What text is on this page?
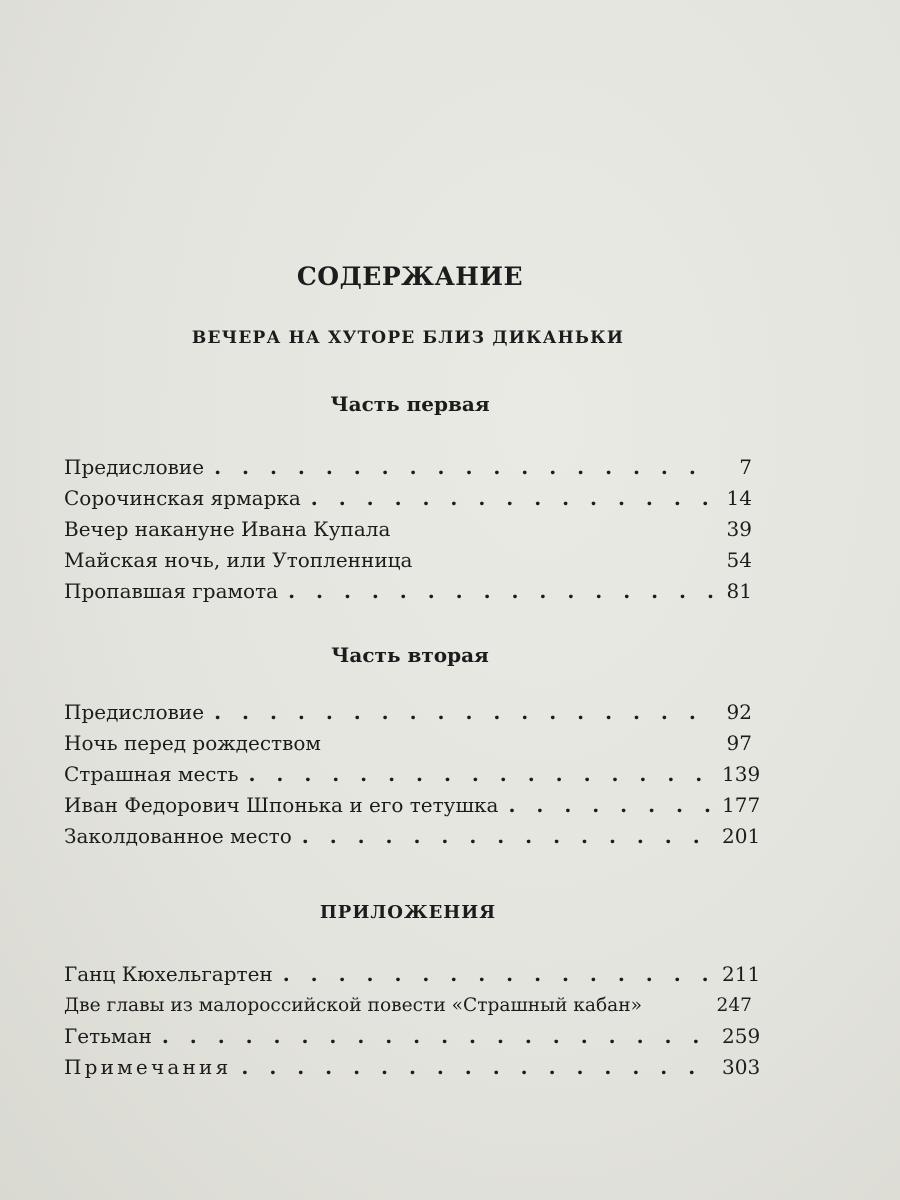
СОДЕРЖАНИЕ
ВЕЧЕРА НА ХУТОРЕ БЛИЗ ДИКАНЬКИ
Часть первая
Предисловие . . .	7
Сорочинская ярмарка . . .	14
Вечер накануне Ивана Купала	39
Майская ночь, или Утопленница	54
Пропавшая грамота . . .	81
Часть вторая
Предисловие . . .	92
Ночь перед рождеством	97
Страшная месть . . .	139
Иван Федорович Шпонька и его тетушка . . .	177
Заколдованное место . . .	201
ПРИЛОЖЕНИЯ
Ганц Кюхельгартен . . .	211
Две главы из малороссийской повести «Страшный кабан»	247
Гетьман . . .	259
Примечания . . .	303
